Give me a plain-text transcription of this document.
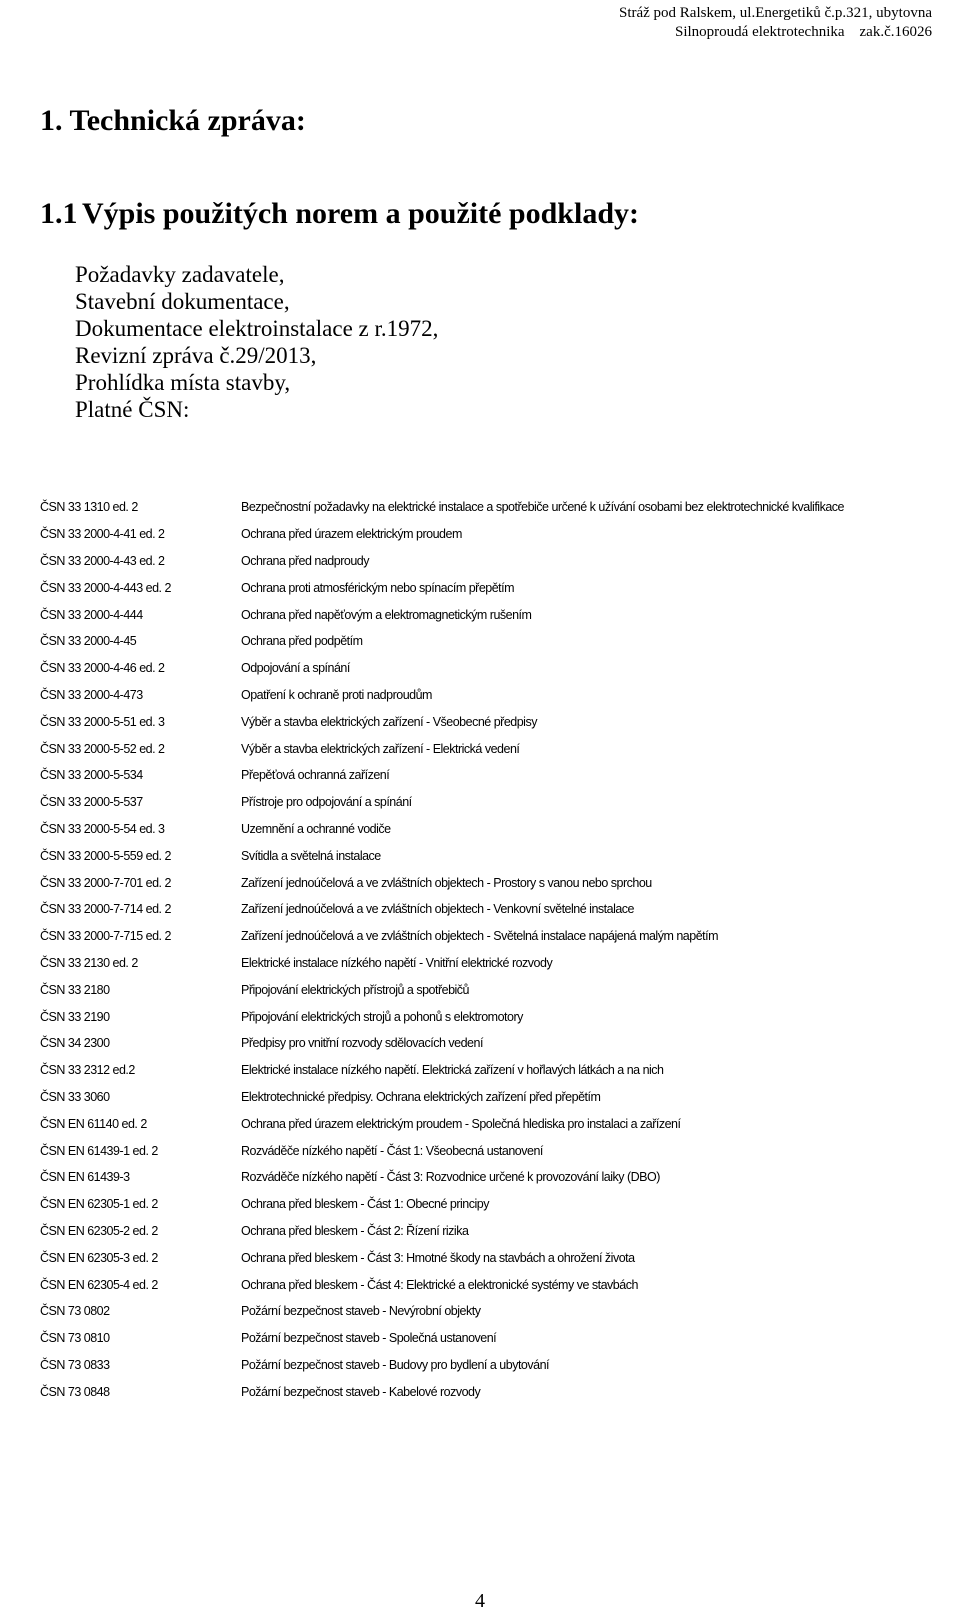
Stráž pod Ralskem, ul.Energetiků č.p.321, ubytovna
Silnoproudá elektrotechnika    zak.č.16026
1. Technická zpráva:
1.1 Výpis použitých norem a použité podklady:
Požadavky zadavatele,
Stavební dokumentace,
Dokumentace elektroinstalace z r.1972,
Revizní zpráva č.29/2013,
Prohlídka místa stavby,
Platné ČSN:
ČSN 33 1310 ed. 2	Bezpečnostní požadavky na elektrické instalace a spotřebiče určené k užívání osobami bez elektrotechnické kvalifikace
ČSN 33 2000-4-41 ed. 2	Ochrana před úrazem elektrickým proudem
ČSN 33 2000-4-43 ed. 2	Ochrana před nadproudy
ČSN 33 2000-4-443 ed. 2	Ochrana proti atmosférickým nebo spínacím přepětím
ČSN 33 2000-4-444	Ochrana před napěťovým a elektromagnetickým rušením
ČSN 33 2000-4-45	Ochrana před podpětím
ČSN 33 2000-4-46 ed. 2	Odpojování a spínání
ČSN 33 2000-4-473	Opatření k ochraně proti nadproudům
ČSN 33 2000-5-51 ed. 3	Výběr a stavba elektrických zařízení - Všeobecné předpisy
ČSN 33 2000-5-52 ed. 2	Výběr a stavba elektrických zařízení - Elektrická vedení
ČSN 33 2000-5-534	Přepěťová ochranná zařízení
ČSN 33 2000-5-537	Přístroje pro odpojování a spínání
ČSN 33 2000-5-54 ed. 3	Uzemnění a ochranné vodiče
ČSN 33 2000-5-559 ed. 2	Svítidla a světelná instalace
ČSN 33 2000-7-701 ed. 2	Zařízení jednoúčelová a ve zvláštních objektech - Prostory s vanou nebo sprchou
ČSN 33 2000-7-714 ed. 2	Zařízení jednoúčelová a ve zvláštních objektech - Venkovní světelné instalace
ČSN 33 2000-7-715 ed. 2	Zařízení jednoúčelová a ve zvláštních objektech - Světelná instalace napájená malým napětím
ČSN 33 2130 ed. 2	Elektrické instalace nízkého napětí - Vnitřní elektrické rozvody
ČSN 33 2180	Připojování elektrických přístrojů a spotřebičů
ČSN 33 2190	Připojování elektrických strojů a pohonů s elektromotory
ČSN 34 2300	Předpisy pro vnitřní rozvody sdělovacích vedení
ČSN 33 2312 ed.2	Elektrické instalace nízkého napětí. Elektrická zařízení v hořlavých látkách a na nich
ČSN 33 3060	Elektrotechnické předpisy. Ochrana elektrických zařízení před přepětím
ČSN EN 61140 ed. 2	Ochrana před úrazem elektrickým proudem - Společná hlediska pro instalaci a zařízení
ČSN EN 61439-1 ed. 2	Rozváděče nízkého napětí - Část 1: Všeobecná ustanovení
ČSN EN 61439-3	Rozváděče nízkého napětí - Část 3: Rozvodnice určené k provozování laiky (DBO)
ČSN EN 62305-1 ed. 2	Ochrana před bleskem - Část 1: Obecné principy
ČSN EN 62305-2 ed. 2	Ochrana před bleskem - Část 2: Řízení rizika
ČSN EN 62305-3 ed. 2	Ochrana před bleskem - Část 3: Hmotné škody na stavbách a ohrožení života
ČSN EN 62305-4 ed. 2	Ochrana před bleskem - Část 4: Elektrické a elektronické systémy ve stavbách
ČSN 73 0802	Požární bezpečnost staveb - Nevýrobní objekty
ČSN 73 0810	Požární bezpečnost staveb - Společná ustanovení
ČSN 73 0833	Požární bezpečnost staveb - Budovy pro bydlení a ubytování
ČSN 73 0848	Požární bezpečnost staveb - Kabelové rozvody
4
